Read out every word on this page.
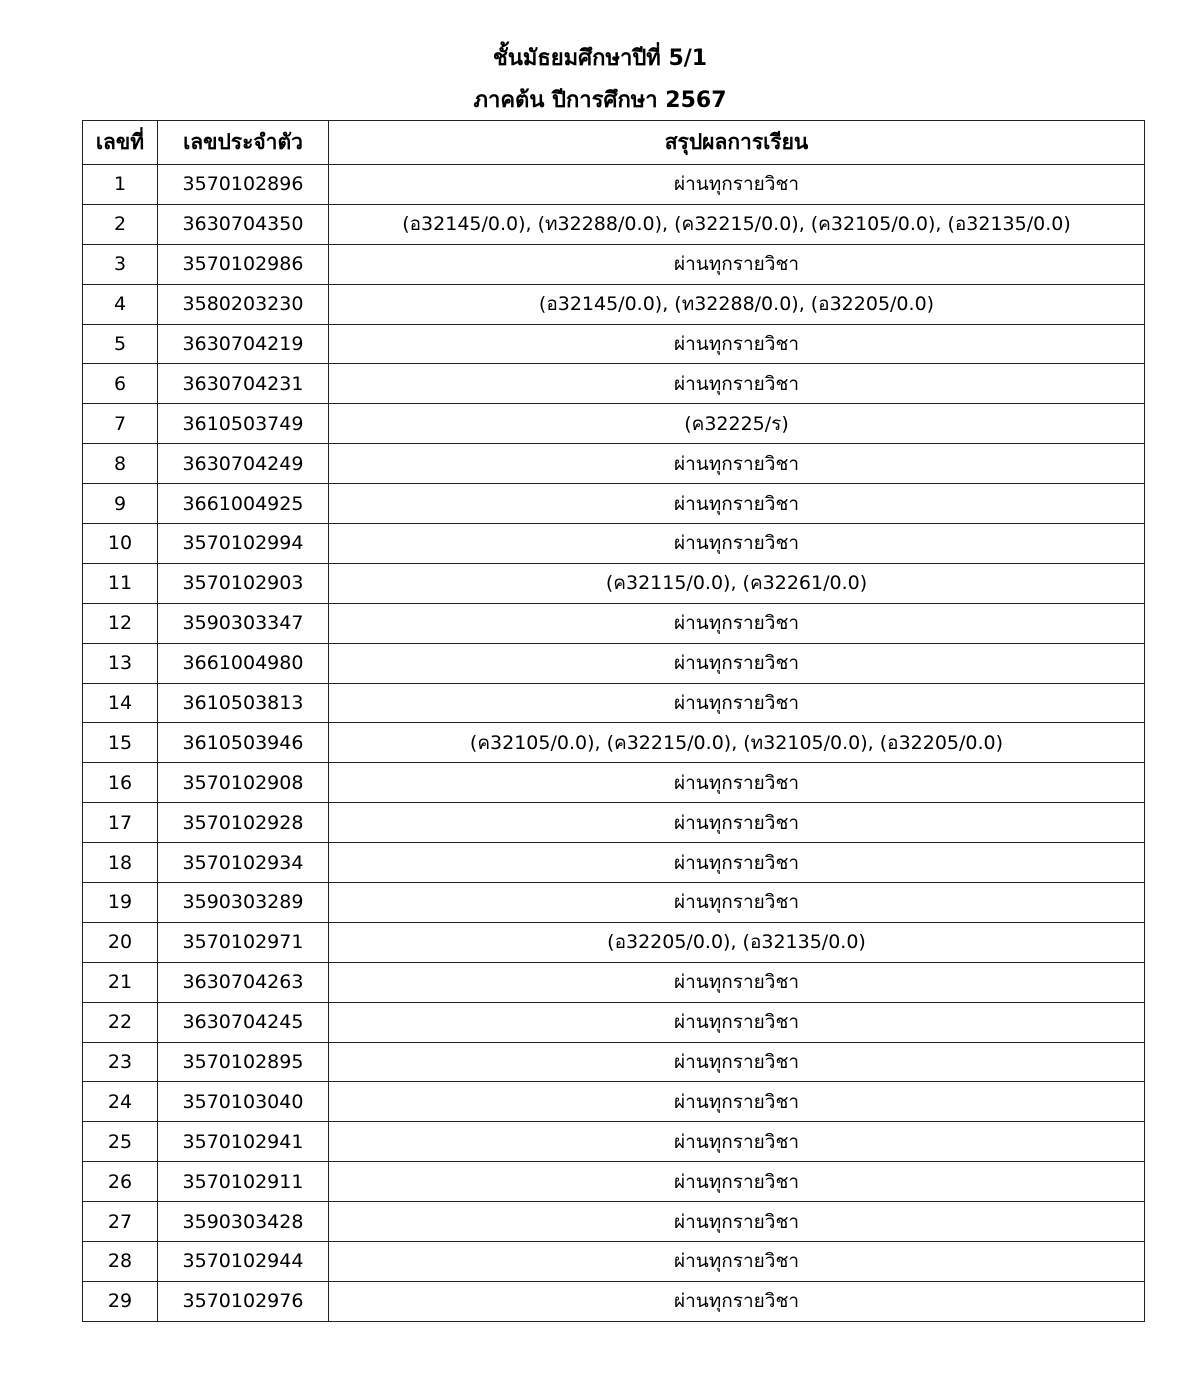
ชั้นมัธยมศึกษาปีที่ 5/1
ภาคต้น ปีการศึกษา 2567
เลขที่	เลขประจำตัว	สรุปผลการเรียน
1	3570102896	ผ่านทุกรายวิชา
2	3630704350	(อ32145/0.0), (ท32288/0.0), (ค32215/0.0), (ค32105/0.0), (อ32135/0.0)
3	3570102986	ผ่านทุกรายวิชา
4	3580203230	(อ32145/0.0), (ท32288/0.0), (อ32205/0.0)
5	3630704219	ผ่านทุกรายวิชา
6	3630704231	ผ่านทุกรายวิชา
7	3610503749	(ค32225/ร)
8	3630704249	ผ่านทุกรายวิชา
9	3661004925	ผ่านทุกรายวิชา
10	3570102994	ผ่านทุกรายวิชา
11	3570102903	(ค32115/0.0), (ค32261/0.0)
12	3590303347	ผ่านทุกรายวิชา
13	3661004980	ผ่านทุกรายวิชา
14	3610503813	ผ่านทุกรายวิชา
15	3610503946	(ค32105/0.0), (ค32215/0.0), (ท32105/0.0), (อ32205/0.0)
16	3570102908	ผ่านทุกรายวิชา
17	3570102928	ผ่านทุกรายวิชา
18	3570102934	ผ่านทุกรายวิชา
19	3590303289	ผ่านทุกรายวิชา
20	3570102971	(อ32205/0.0), (อ32135/0.0)
21	3630704263	ผ่านทุกรายวิชา
22	3630704245	ผ่านทุกรายวิชา
23	3570102895	ผ่านทุกรายวิชา
24	3570103040	ผ่านทุกรายวิชา
25	3570102941	ผ่านทุกรายวิชา
26	3570102911	ผ่านทุกรายวิชา
27	3590303428	ผ่านทุกรายวิชา
28	3570102944	ผ่านทุกรายวิชา
29	3570102976	ผ่านทุกรายวิชา
